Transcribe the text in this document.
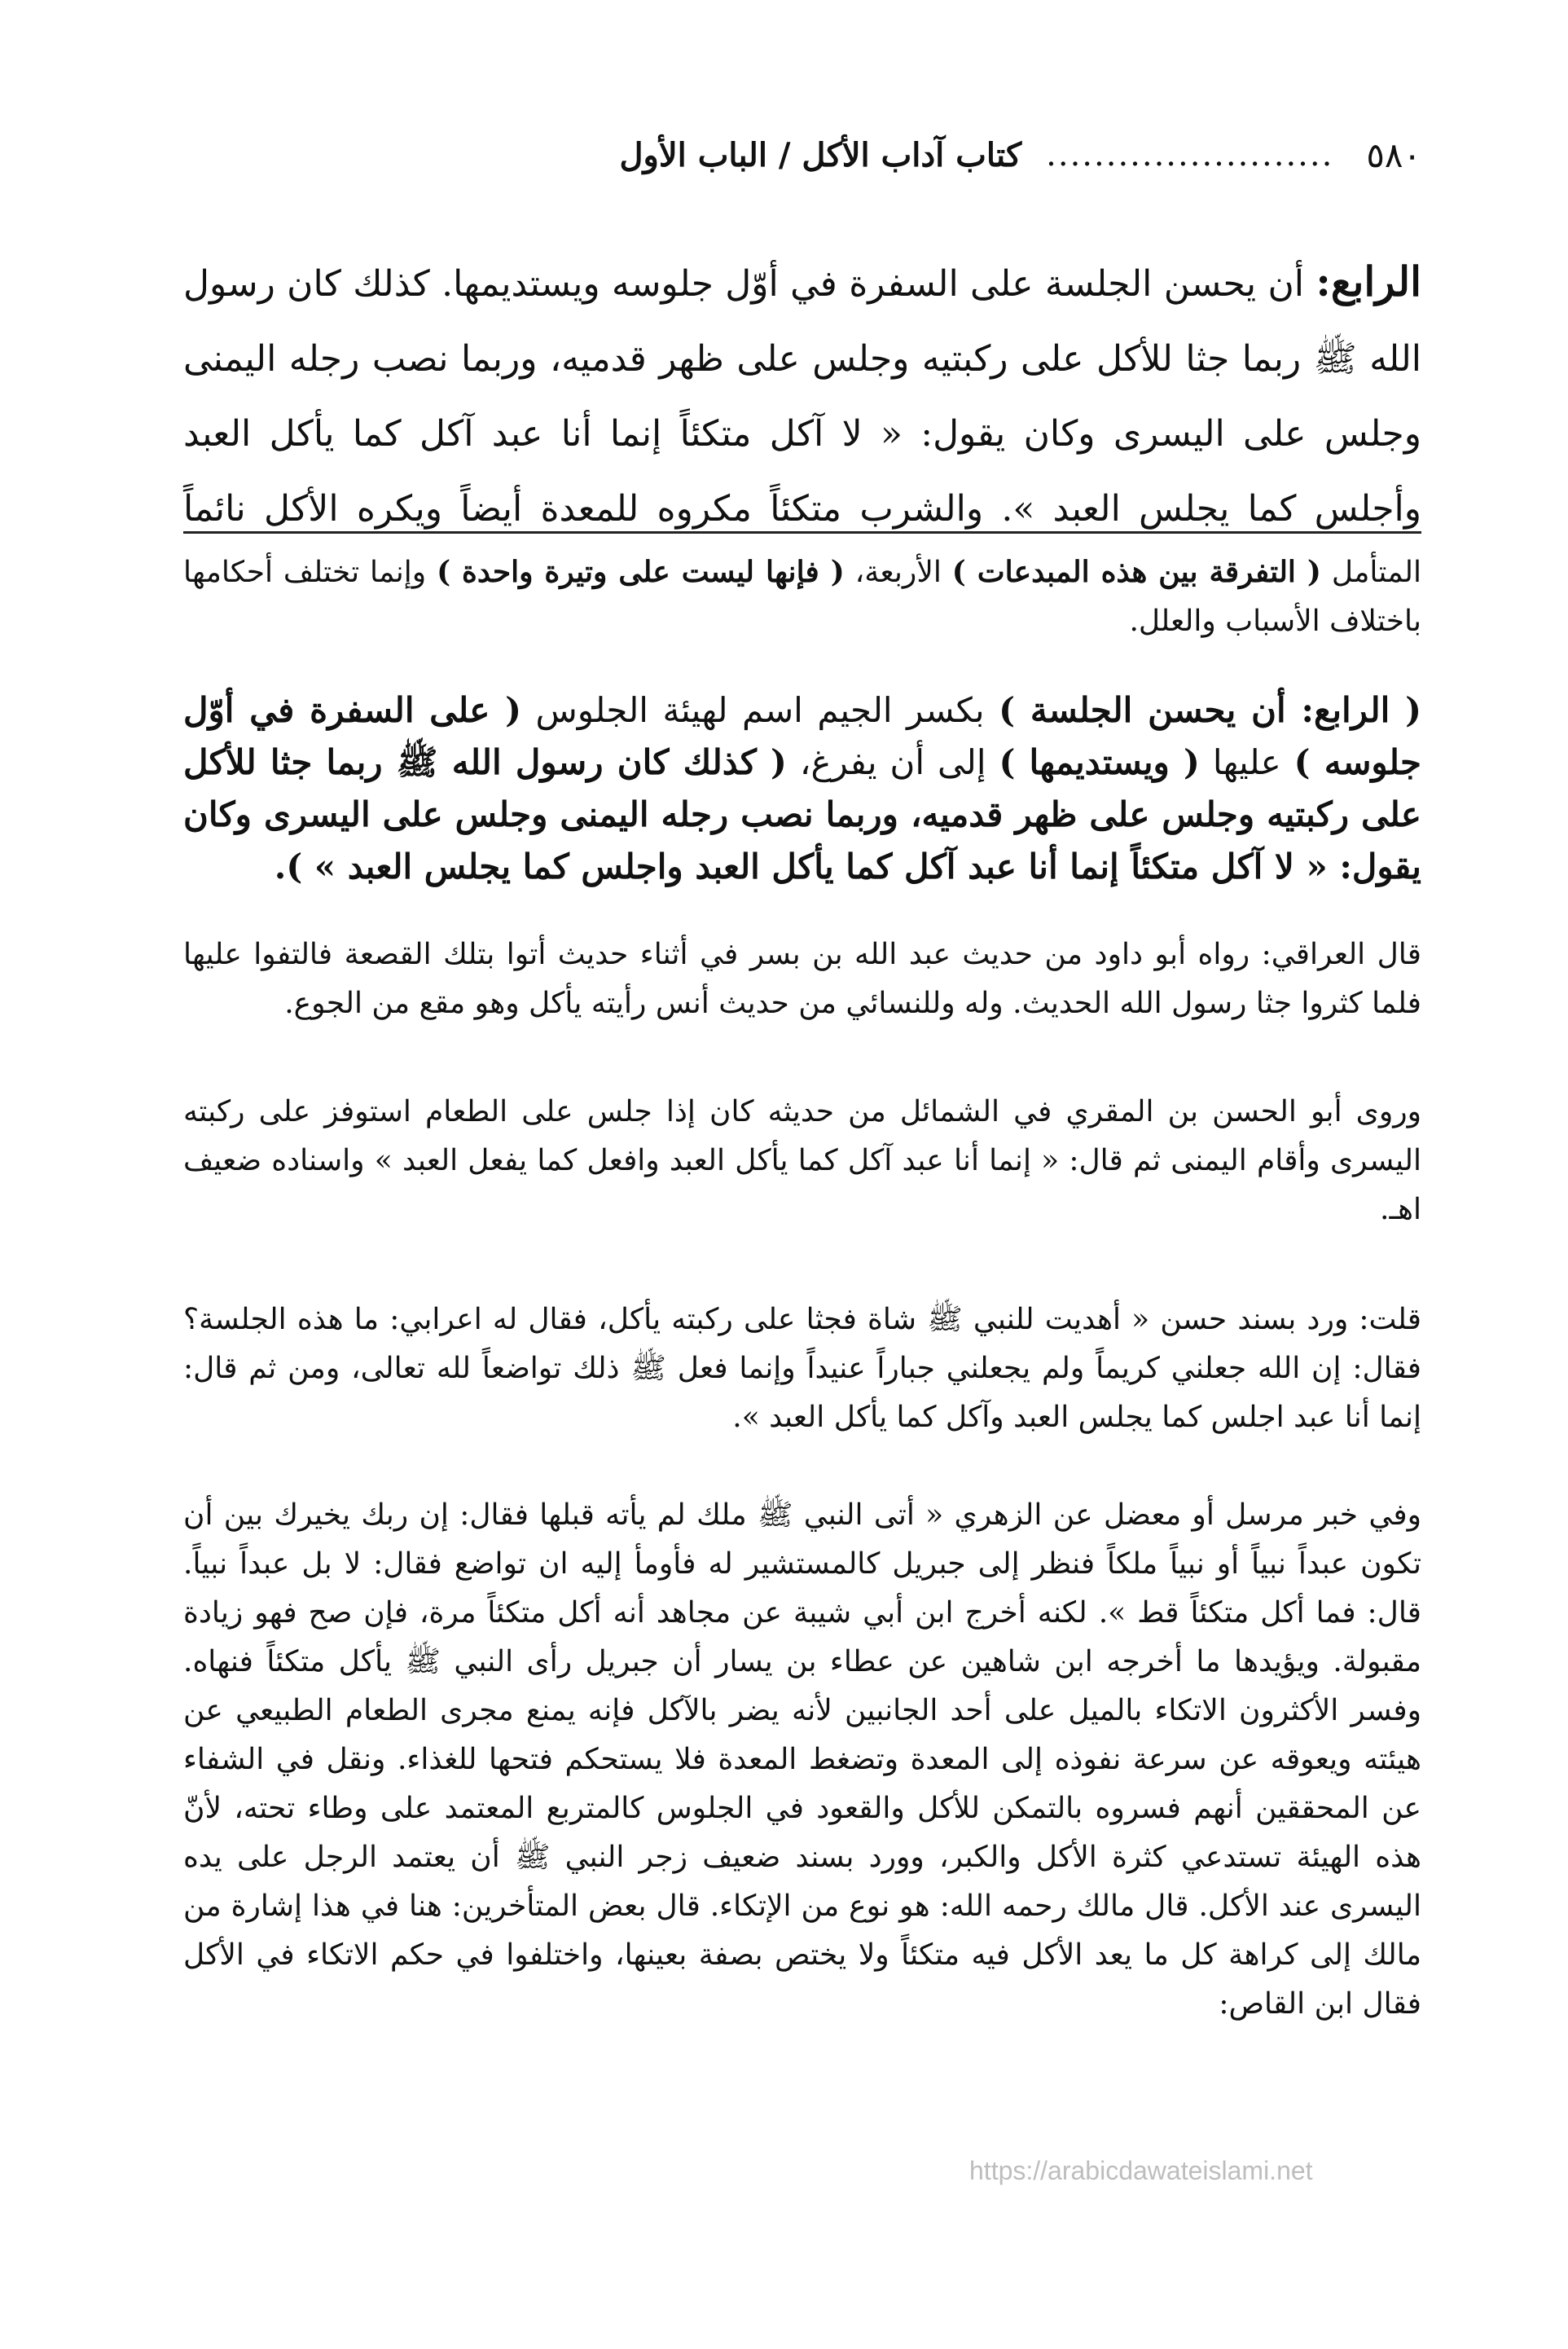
٥٨٠
........................
كتاب آداب الأكل / الباب الأول
الرابع: أن يحسن الجلسة على السفرة في أوّل جلوسه ويستديمها. كذلك كان رسول الله ﷺ ربما جثا للأكل على ركبتيه وجلس على ظهر قدميه، وربما نصب رجله اليمنى وجلس على اليسرى وكان يقول: « لا آكل متكئاً إنما أنا عبد آكل كما يأكل العبد وأجلس كما يجلس العبد ». والشرب متكئاً مكروه للمعدة أيضاً ويكره الأكل نائماً
المتأمل ( التفرقة بين هذه المبدعات ) الأربعة، ( فإنها ليست على وتيرة واحدة ) وإنما تختلف أحكامها باختلاف الأسباب والعلل.
( الرابع: أن يحسن الجلسة ) بكسر الجيم اسم لهيئة الجلوس ( على السفرة في أوّل جلوسه ) عليها ( ويستديمها ) إلى أن يفرغ، ( كذلك كان رسول الله ﷺ ربما جثا للأكل على ركبتيه وجلس على ظهر قدميه، وربما نصب رجله اليمنى وجلس على اليسرى وكان يقول: « لا آكل متكئاً إنما أنا عبد آكل كما يأكل العبد واجلس كما يجلس العبد » ).
قال العراقي: رواه أبو داود من حديث عبد الله بن بسر في أثناء حديث أتوا بتلك القصعة فالتفوا عليها فلما كثروا جثا رسول الله الحديث. وله وللنسائي من حديث أنس رأيته يأكل وهو مقع من الجوع.
وروى أبو الحسن بن المقري في الشمائل من حديثه كان إذا جلس على الطعام استوفز على ركبته اليسرى وأقام اليمنى ثم قال: « إنما أنا عبد آكل كما يأكل العبد وافعل كما يفعل العبد » واسناده ضعيف اهـ.
قلت: ورد بسند حسن « أهديت للنبي ﷺ شاة فجثا على ركبته يأكل، فقال له اعرابي: ما هذه الجلسة؟ فقال: إن الله جعلني كريماً ولم يجعلني جباراً عنيداً وإنما فعل ﷺ ذلك تواضعاً لله تعالى، ومن ثم قال: إنما أنا عبد اجلس كما يجلس العبد وآكل كما يأكل العبد ».
وفي خبر مرسل أو معضل عن الزهري « أتى النبي ﷺ ملك لم يأته قبلها فقال: إن ربك يخيرك بين أن تكون عبداً نبياً أو نبياً ملكاً فنظر إلى جبريل كالمستشير له فأومأ إليه ان تواضع فقال: لا بل عبداً نبياً. قال: فما أكل متكئاً قط ». لكنه أخرج ابن أبي شيبة عن مجاهد أنه أكل متكئاً مرة، فإن صح فهو زيادة مقبولة. ويؤيدها ما أخرجه ابن شاهين عن عطاء بن يسار أن جبريل رأى النبي ﷺ يأكل متكئاً فنهاه. وفسر الأكثرون الاتكاء بالميل على أحد الجانبين لأنه يضر بالآكل فإنه يمنع مجرى الطعام الطبيعي عن هيئته ويعوقه عن سرعة نفوذه إلى المعدة وتضغط المعدة فلا يستحكم فتحها للغذاء. ونقل في الشفاء عن المحققين أنهم فسروه بالتمكن للأكل والقعود في الجلوس كالمتربع المعتمد على وطاء تحته، لأنّ هذه الهيئة تستدعي كثرة الأكل والكبر، وورد بسند ضعيف زجر النبي ﷺ أن يعتمد الرجل على يده اليسرى عند الأكل. قال مالك رحمه الله: هو نوع من الإتكاء. قال بعض المتأخرين: هنا في هذا إشارة من مالك إلى كراهة كل ما يعد الأكل فيه متكئاً ولا يختص بصفة بعينها، واختلفوا في حكم الاتكاء في الأكل فقال ابن القاص:
https://arabicdawateislami.net
